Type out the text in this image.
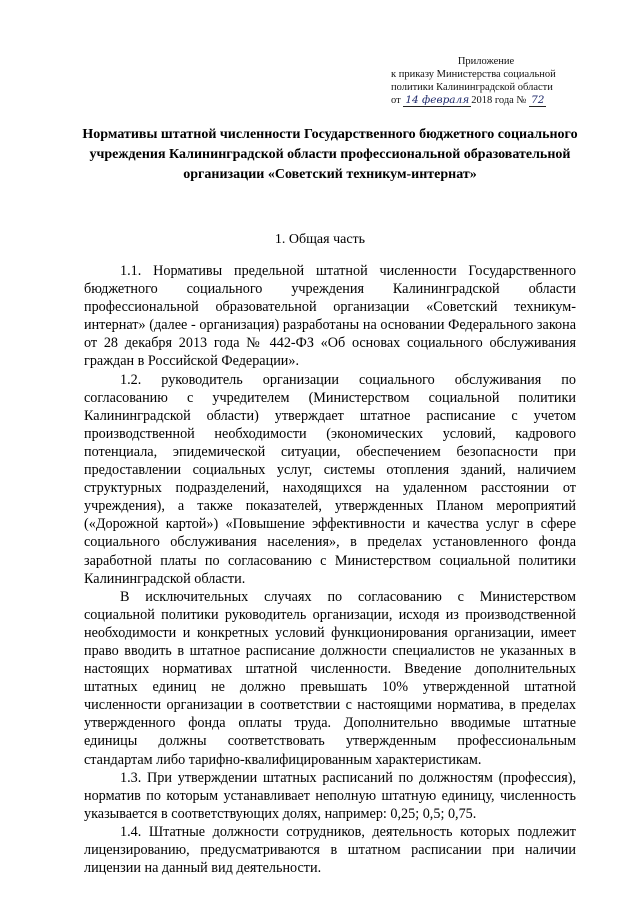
Приложение
к приказу Министерства социальной
политики Калининградской области
от 14 февраля 2018 года № 72
Нормативы штатной численности Государственного бюджетного социального учреждения Калининградской области профессиональной образовательной организации «Советский техникум-интернат»
1. Общая часть

1.1. Нормативы предельной штатной численности Государственного бюджетного социального учреждения Калининградской области профессиональной образовательной организации «Советский техникум-интернат» (далее - организация) разработаны на основании Федерального закона от 28 декабря 2013 года № 442-ФЗ «Об основах социального обслуживания граждан в Российской Федерации».

1.2. руководитель организации социального обслуживания по согласованию с учредителем (Министерством социальной политики Калининградской области) утверждает штатное расписание с учетом производственной необходимости (экономических условий, кадрового потенциала, эпидемической ситуации, обеспечением безопасности при предоставлении социальных услуг, системы отопления зданий, наличием структурных подразделений, находящихся на удаленном расстоянии от учреждения), а также показателей, утвержденных Планом мероприятий («Дорожной картой») «Повышение эффективности и качества услуг в сфере социального обслуживания населения», в пределах установленного фонда заработной платы по согласованию с Министерством социальной политики Калининградской области.

В исключительных случаях по согласованию с Министерством социальной политики руководитель организации, исходя из производственной необходимости и конкретных условий функционирования организации, имеет право вводить в штатное расписание должности специалистов не указанных в настоящих нормативах штатной численности. Введение дополнительных штатных единиц не должно превышать 10% утвержденной штатной численности организации в соответствии с настоящими норматива, в пределах утвержденного фонда оплаты труда. Дополнительно вводимые штатные единицы должны соответствовать утвержденным профессиональным стандартам либо тарифно-квалифицированным характеристикам.

1.3. При утверждении штатных расписаний по должностям (профессия), норматив по которым устанавливает неполную штатную единицу, численность указывается в соответствующих долях, например: 0,25; 0,5; 0,75.

1.4. Штатные должности сотрудников, деятельность которых подлежит лицензированию, предусматриваются в штатном расписании при наличии лицензии на данный вид деятельности.
